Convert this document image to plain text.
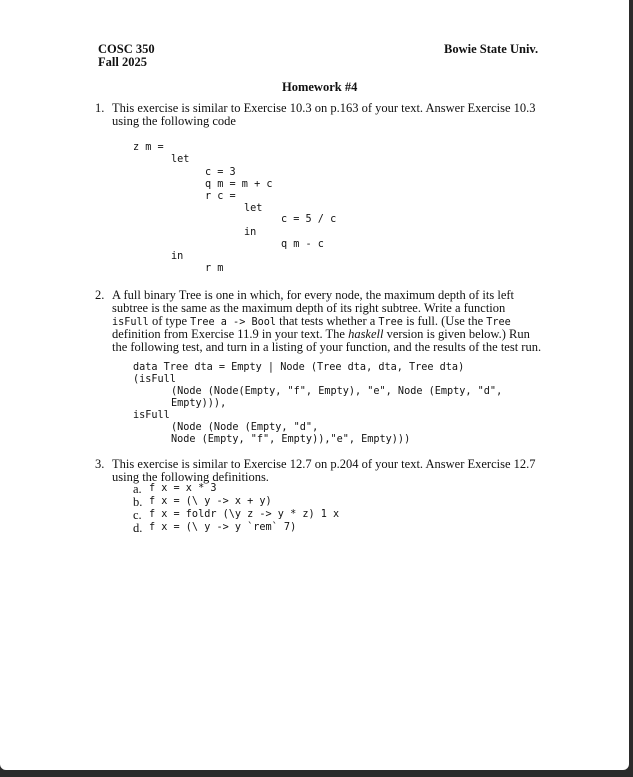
COSC 350
Fall 2025
Bowie State Univ.
Homework #4
1. This exercise is similar to Exercise 10.3 on p.163 of your text. Answer Exercise 10.3
using the following code
z m =
let
c = 3
q m = m + c
r c =
let
c = 5 / c
in
q m - c
in
r m
2. A full binary Tree is one in which, for every node, the maximum depth of its left
subtree is the same as the maximum depth of its right subtree. Write a function
isFull of type Tree a -> Bool that tests whether a Tree is full. (Use the Tree
definition from Exercise 11.9 in your text. The haskell version is given below.) Run
the following test, and turn in a listing of your function, and the results of the test run.
data Tree dta = Empty | Node (Tree dta, dta, Tree dta)
(isFull
(Node (Node(Empty, "f", Empty), "e", Node (Empty, "d",
Empty))),
isFull
(Node (Node (Empty, "d",
Node (Empty, "f", Empty)),"e", Empty)))
3. This exercise is similar to Exercise 12.7 on p.204 of your text. Answer Exercise 12.7
using the following definitions.
a. f x = x * 3
b. f x = (\ y -> x + y)
c. f x = foldr (\y z -> y * z) 1 x
d. f x = (\ y -> y `rem` 7)
